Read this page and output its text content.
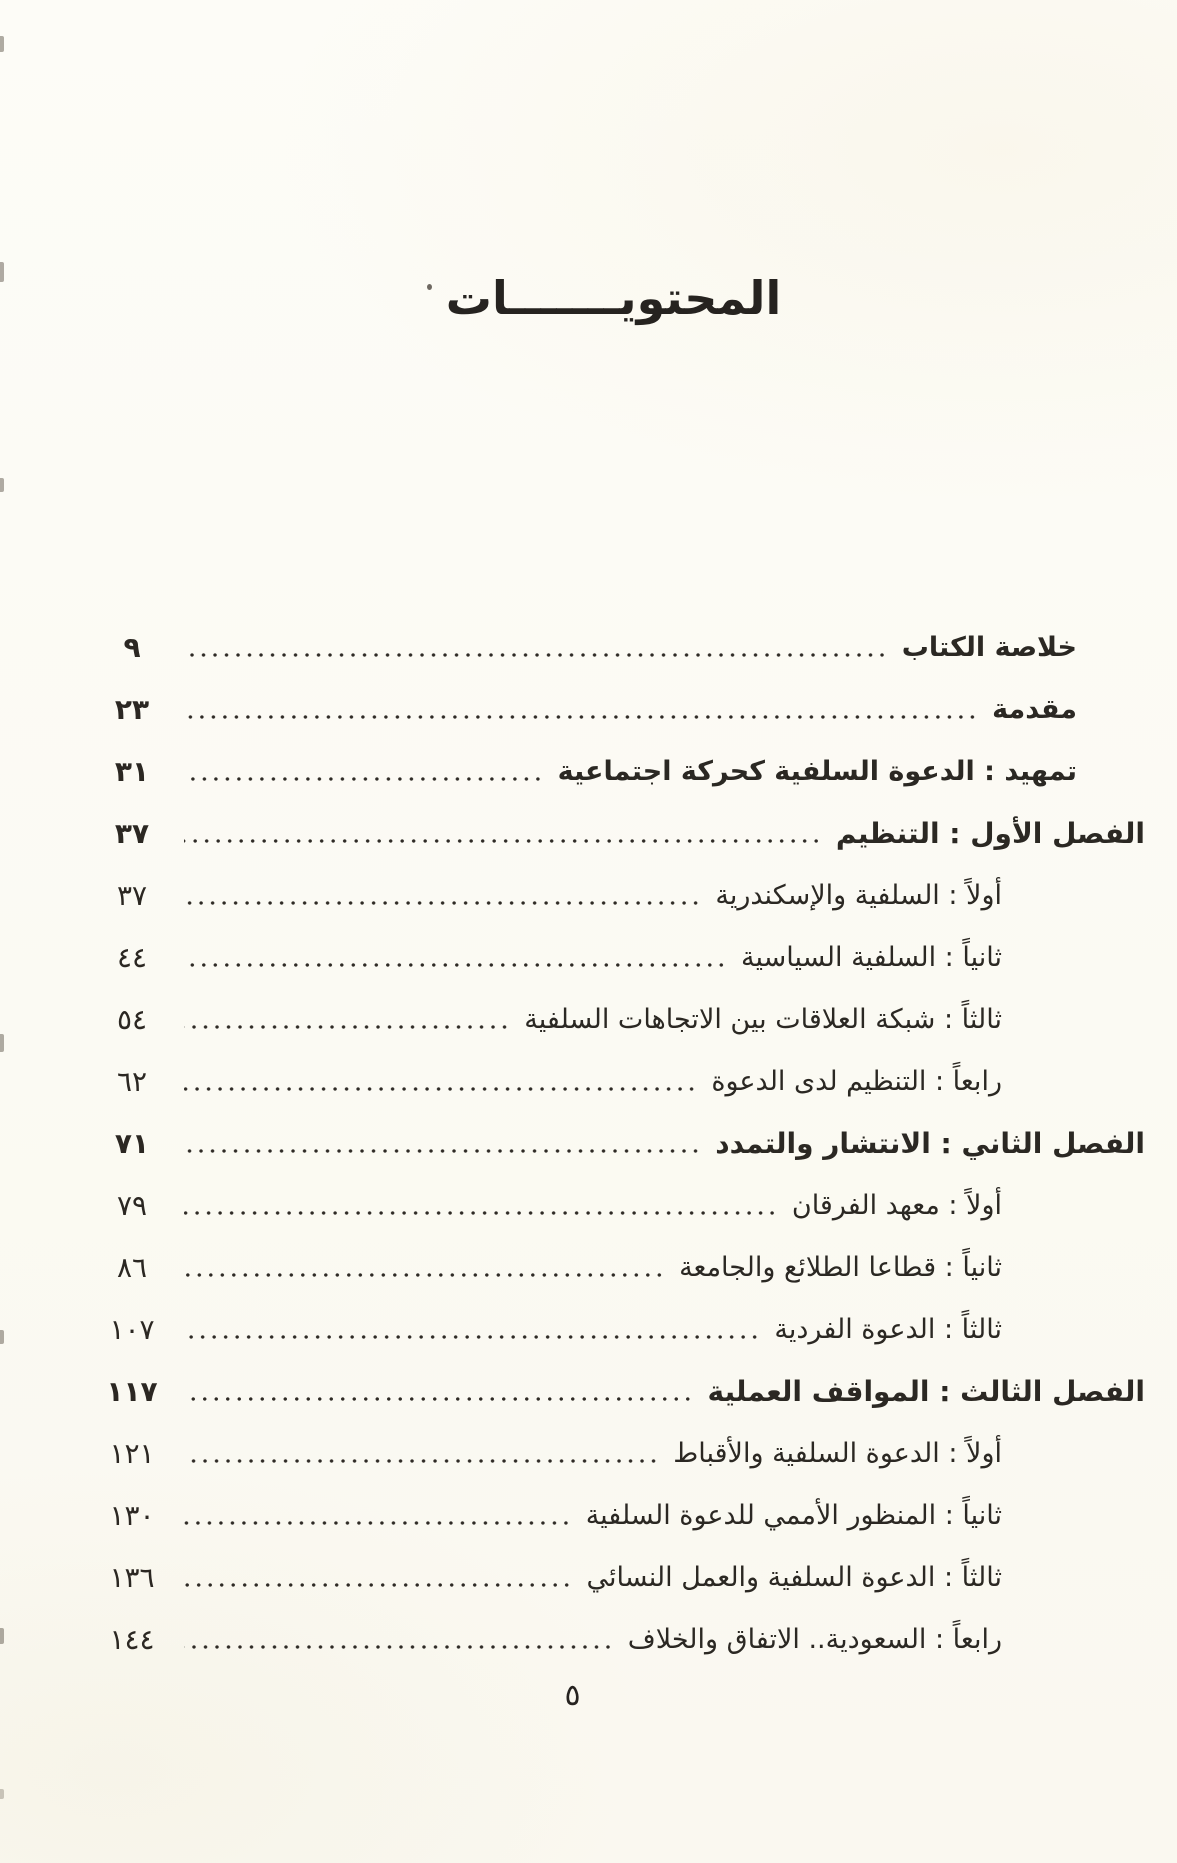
المحتويـــــــات
خلاصة الكتاب
٩
مقدمة
٢٣
تمهيد : الدعوة السلفية كحركة اجتماعية
٣١
الفصل الأول : التنظيم
٣٧
أولاً : السلفية والإسكندرية
٣٧
ثانياً : السلفية السياسية
٤٤
ثالثاً : شبكة العلاقات بين الاتجاهات السلفية
٥٤
رابعاً : التنظيم لدى الدعوة
٦٢
الفصل الثاني : الانتشار والتمدد
٧١
أولاً : معهد الفرقان
٧٩
ثانياً : قطاعا الطلائع والجامعة
٨٦
ثالثاً : الدعوة الفردية
١٠٧
الفصل الثالث : المواقف العملية
١١٧
أولاً : الدعوة السلفية والأقباط
١٢١
ثانياً : المنظور الأممي للدعوة السلفية
١٣٠
ثالثاً : الدعوة السلفية والعمل النسائي
١٣٦
رابعاً : السعودية.. الاتفاق والخلاف
١٤٤
٥
